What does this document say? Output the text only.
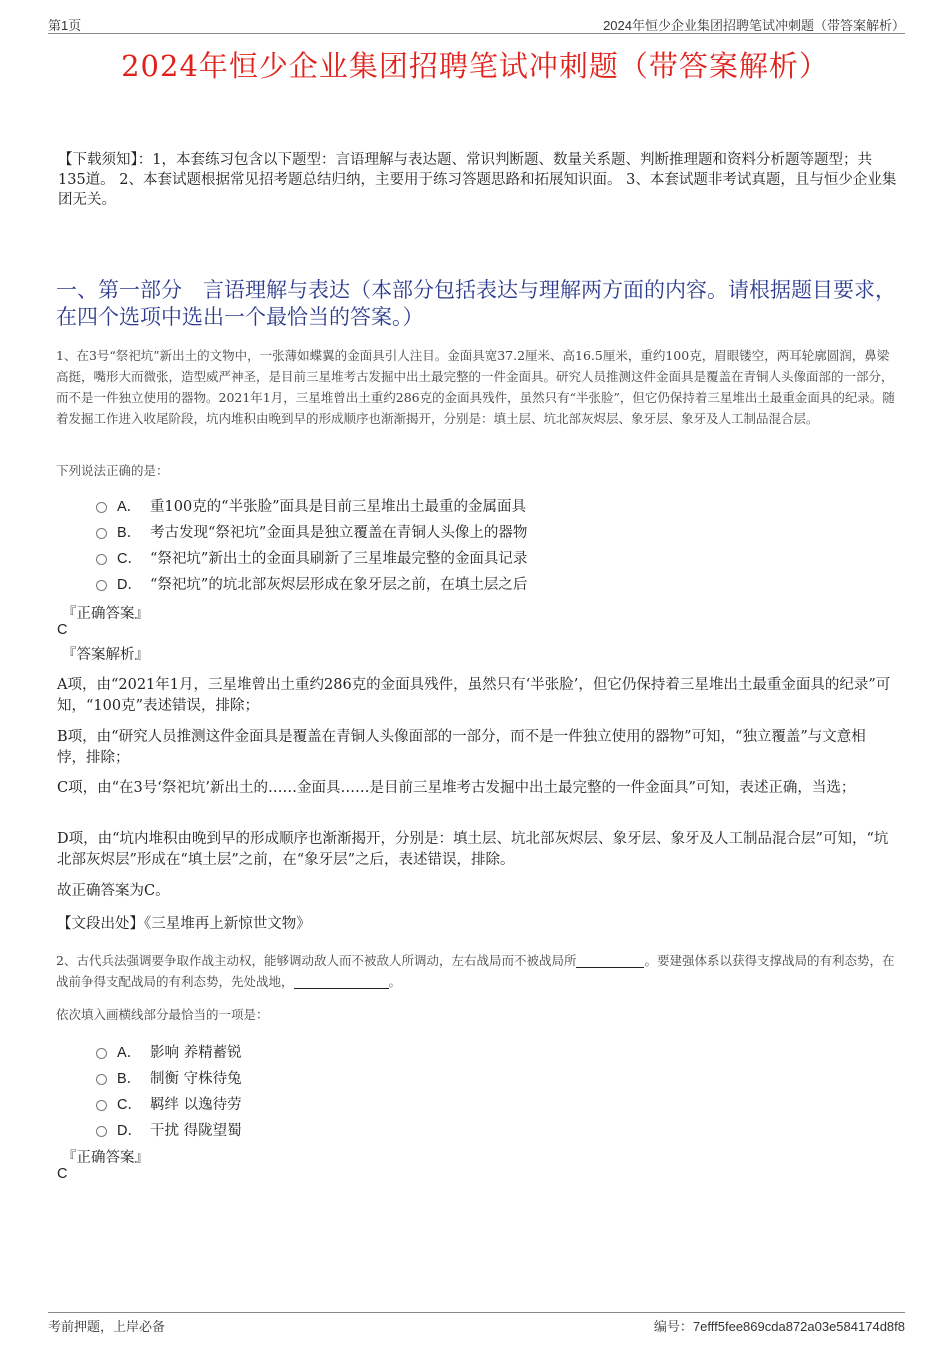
第1页	2024年恒少企业集团招聘笔试冲刺题（带答案解析）
2024年恒少企业集团招聘笔试冲刺题（带答案解析）
【下载须知】：1，本套练习包含以下题型：言语理解与表达题、常识判断题、数量关系题、判断推理题和资料分析题等题型；共135道。 2、本套试题根据常见招考题总结归纳，主要用于练习答题思路和拓展知识面。 3、本套试题非考试真题，且与恒少企业集团无关。
一、第一部分　言语理解与表达（本部分包括表达与理解两方面的内容。请根据题目要求，在四个选项中选出一个最恰当的答案。）
1、在3号“祭祀坑”新出土的文物中，一张薄如蝶翼的金面具引人注目。金面具宽37.2厘米、高16.5厘米，重约100克，眉眼镂空，两耳轮廓圆润，鼻梁高挺，嘴形大而微张，造型威严神圣，是目前三星堆考古发掘中出土最完整的一件金面具。研究人员推测这件金面具是覆盖在青铜人头像面部的一部分，而不是一件独立使用的器物。2021年1月，三星堆曾出土重约286克的金面具残件，虽然只有“半张脸”，但它仍保持着三星堆出土最重金面具的纪录。随着发掘工作进入收尾阶段，坑内堆积由晚到早的形成顺序也渐渐揭开，分别是：填土层、坑北部灰烬层、象牙层、象牙及人工制品混合层。
下列说法正确的是：
A． 重100克的“半张脸”面具是目前三星堆出土最重的金属面具
B． 考古发现“祭祀坑”金面具是独立覆盖在青铜人头像上的器物
C． “祭祀坑”新出土的金面具刷新了三星堆最完整的金面具记录
D． “祭祀坑”的坑北部灰烬层形成在象牙层之前，在填土层之后
『正确答案』
C
『答案解析』
A项，由“2021年1月，三星堆曾出土重约286克的金面具残件，虽然只有‘半张脸’，但它仍保持着三星堆出土最重金面具的纪录”可知，“100克”表述错误，排除；
B项，由“研究人员推测这件金面具是覆盖在青铜人头像面部的一部分，而不是一件独立使用的器物”可知，“独立覆盖”与文意相悖，排除；
C项，由“在3号‘祭祀坑’新出土的……金面具……是目前三星堆考古发掘中出土最完整的一件金面具”可知，表述正确，当选；
D项，由“坑内堆积由晚到早的形成顺序也渐渐揭开，分别是：填土层、坑北部灰烬层、象牙层、象牙及人工制品混合层”可知，“坑北部灰烬层”形成在“填土层”之前，在“象牙层”之后，表述错误，排除。
故正确答案为C。
【文段出处】《三星堆再上新惊世文物》
2、古代兵法强调要争取作战主动权，能够调动敌人而不被敌人所调动，左右战局而不被战局所	。要建强体系以获得支撑战局的有利态势，在战前争得支配战局的有利态势，先处战地，	。
依次填入画横线部分最恰当的一项是：
A． 影响 养精蓄锐
B． 制衡 守株待兔
C． 羁绊 以逸待劳
D． 干扰 得陇望蜀
『正确答案』
C
考前押题，上岸必备	编号：7efff5fee869cda872a03e584174d8f8
